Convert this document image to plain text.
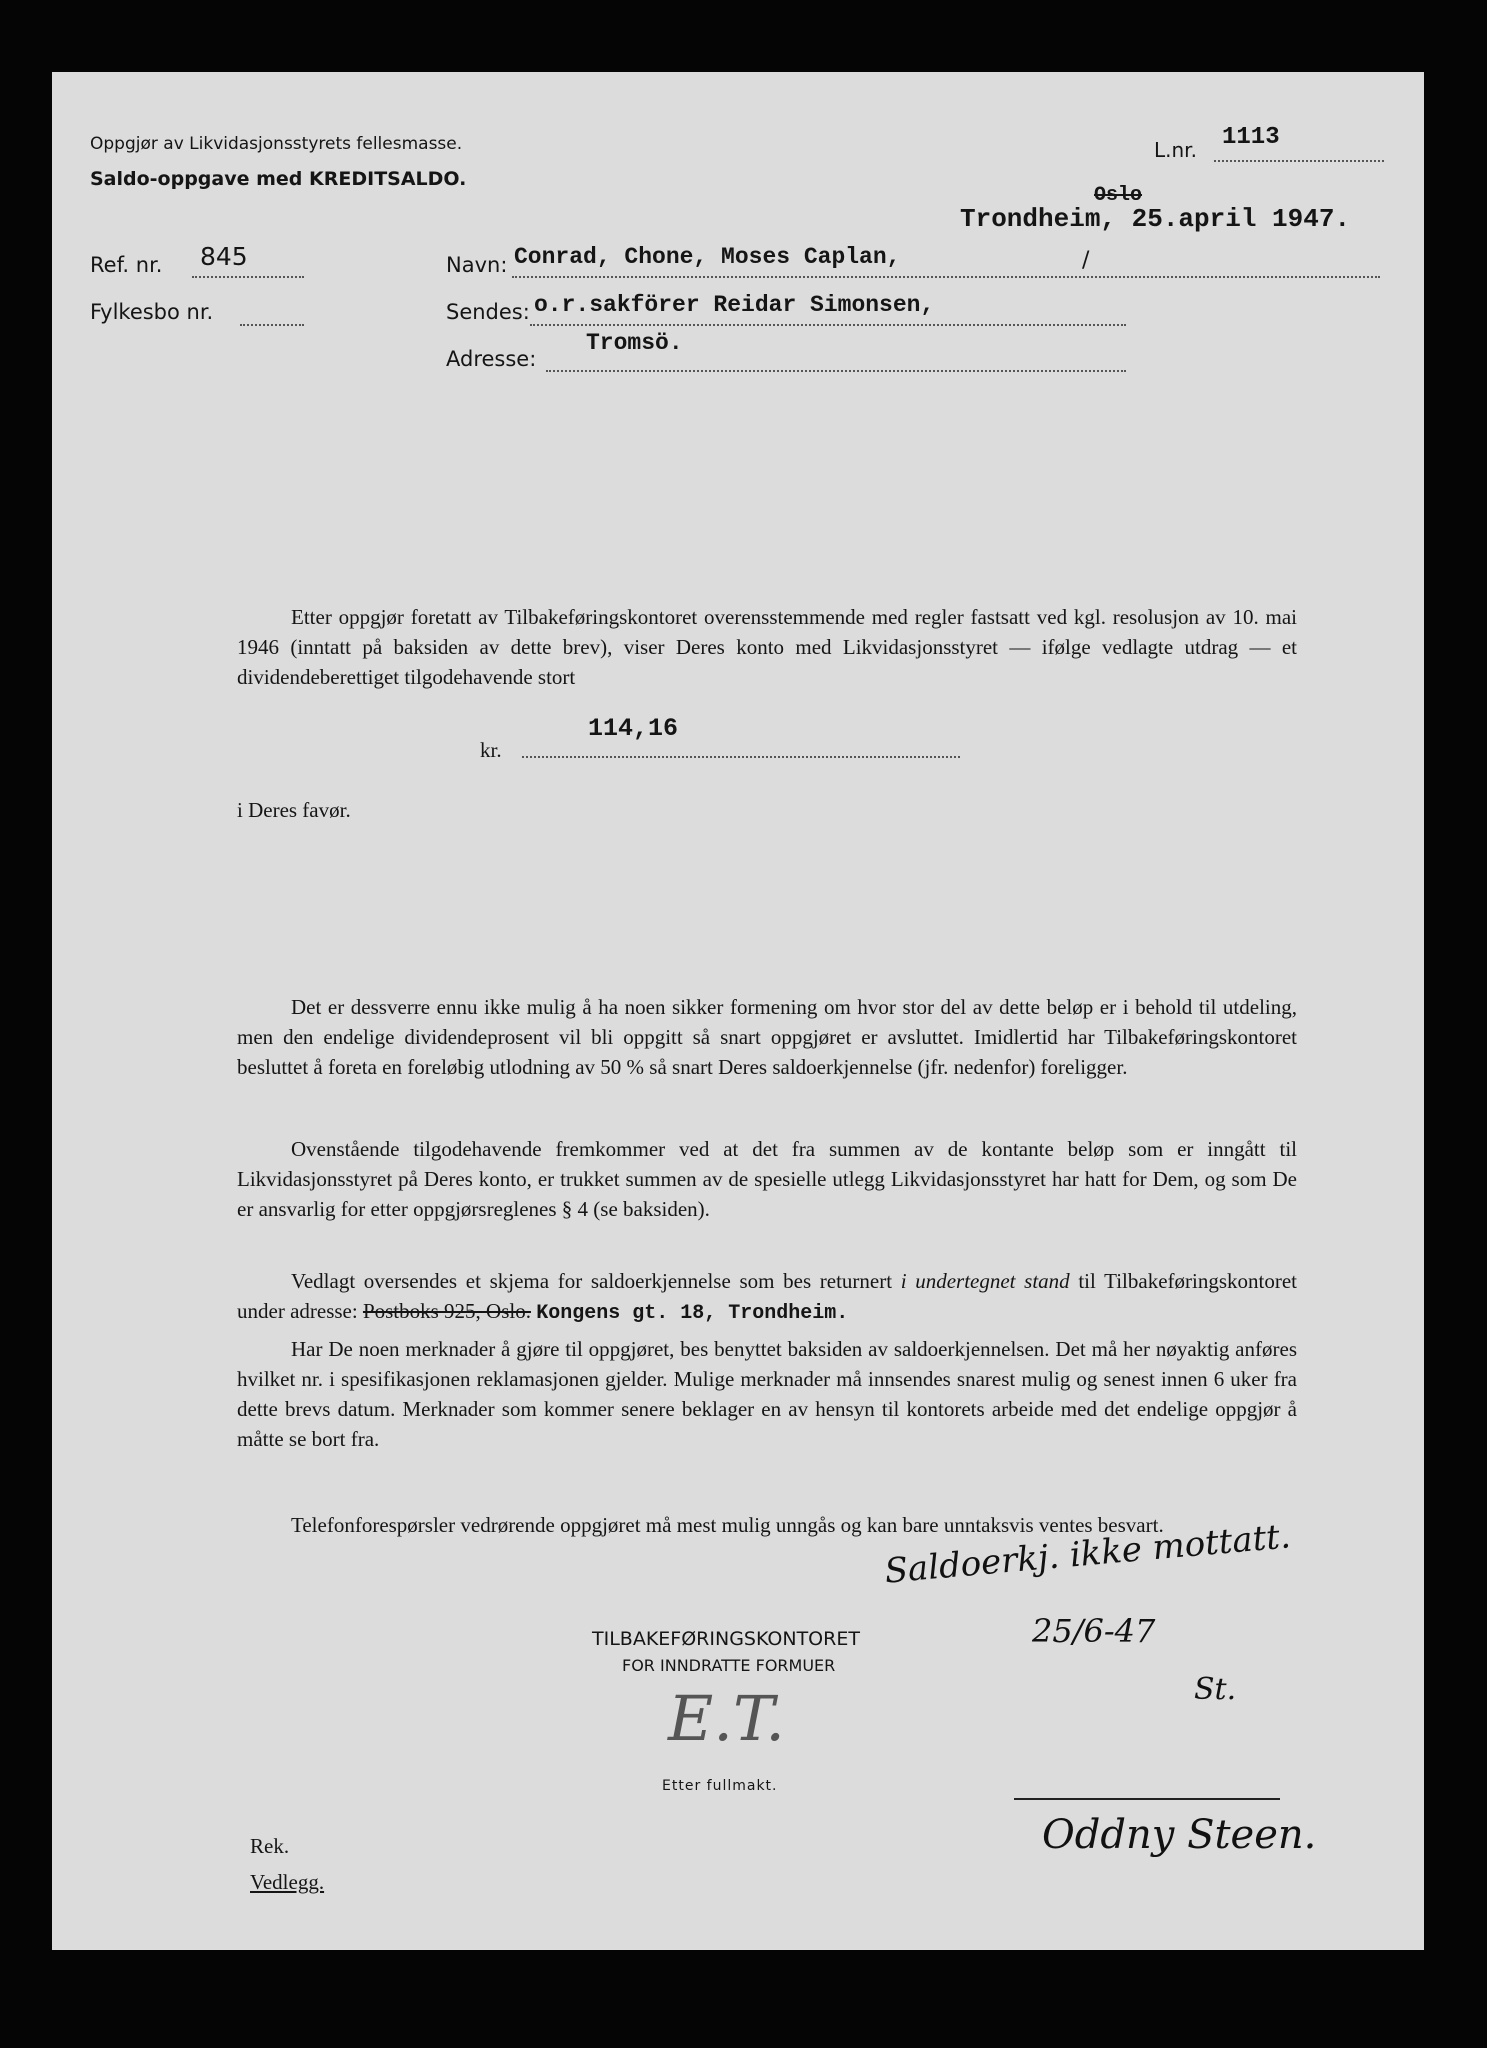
Oppgjør av Likvidasjonsstyrets fellesmasse.
Saldo-oppgave med KREDITSALDO.
L.nr. 1113
Oslo
Trondheim, 25.april 1947.
Ref. nr. 845
Fylkesbo nr.
Navn: Conrad, Chone, Moses Caplan,	/
Sendes: o.r.sakförer Reidar Simonsen,
Adresse:
Tromsö.

Etter oppgjør foretatt av Tilbakeføringskontoret overensstemmende med regler fastsatt ved kgl. resolusjon av 10. mai 1946 (inntatt på baksiden av dette brev), viser Deres konto med Likvidasjonsstyret — ifølge vedlagte utdrag — et dividendeberettiget tilgodehavende stort

kr.
114,16
i Deres favør.

Det er dessverre ennu ikke mulig å ha noen sikker formening om hvor stor del av dette beløp er i behold til utdeling, men den endelige dividendeprosent vil bli oppgitt så snart oppgjøret er avsluttet. Imidlertid har Tilbakeføringskontoret besluttet å foreta en foreløbig utlodning av 50 % så snart Deres saldoerkjennelse (jfr. nedenfor) foreligger.

Ovenstående tilgodehavende fremkommer ved at det fra summen av de kontante beløp som er inngått til Likvidasjonsstyret på Deres konto, er trukket summen av de spesielle utlegg Likvidasjonsstyret har hatt for Dem, og som De er ansvarlig for etter oppgjørsreglenes § 4 (se baksiden).

Vedlagt oversendes et skjema for saldoerkjennelse som bes returnert i undertegnet stand til Tilbakeføringskontoret under adresse: Postboks 925, Oslo. Kongens gt. 18, Trondheim.

Har De noen merknader å gjøre til oppgjøret, bes benyttet baksiden av saldoerkjennelsen. Det må her nøyaktig anføres hvilket nr. i spesifikasjonen reklamasjonen gjelder. Mulige merknader må innsendes snarest mulig og senest innen 6 uker fra dette brevs datum. Merknader som kommer senere beklager en av hensyn til kontorets arbeide med det endelige oppgjør å måtte se bort fra.

Telefonforespørsler vedrørende oppgjøret må mest mulig unngås og kan bare unntaksvis ventes besvart.

TILBAKEFØRINGSKONTORET
FOR INNDRATTE FORMUER
E.T.
Etter fullmakt.
Saldoerkj. ikke mottatt.
25/6-47
St.
Oddny Steen.
Rek.
Vedlegg.
